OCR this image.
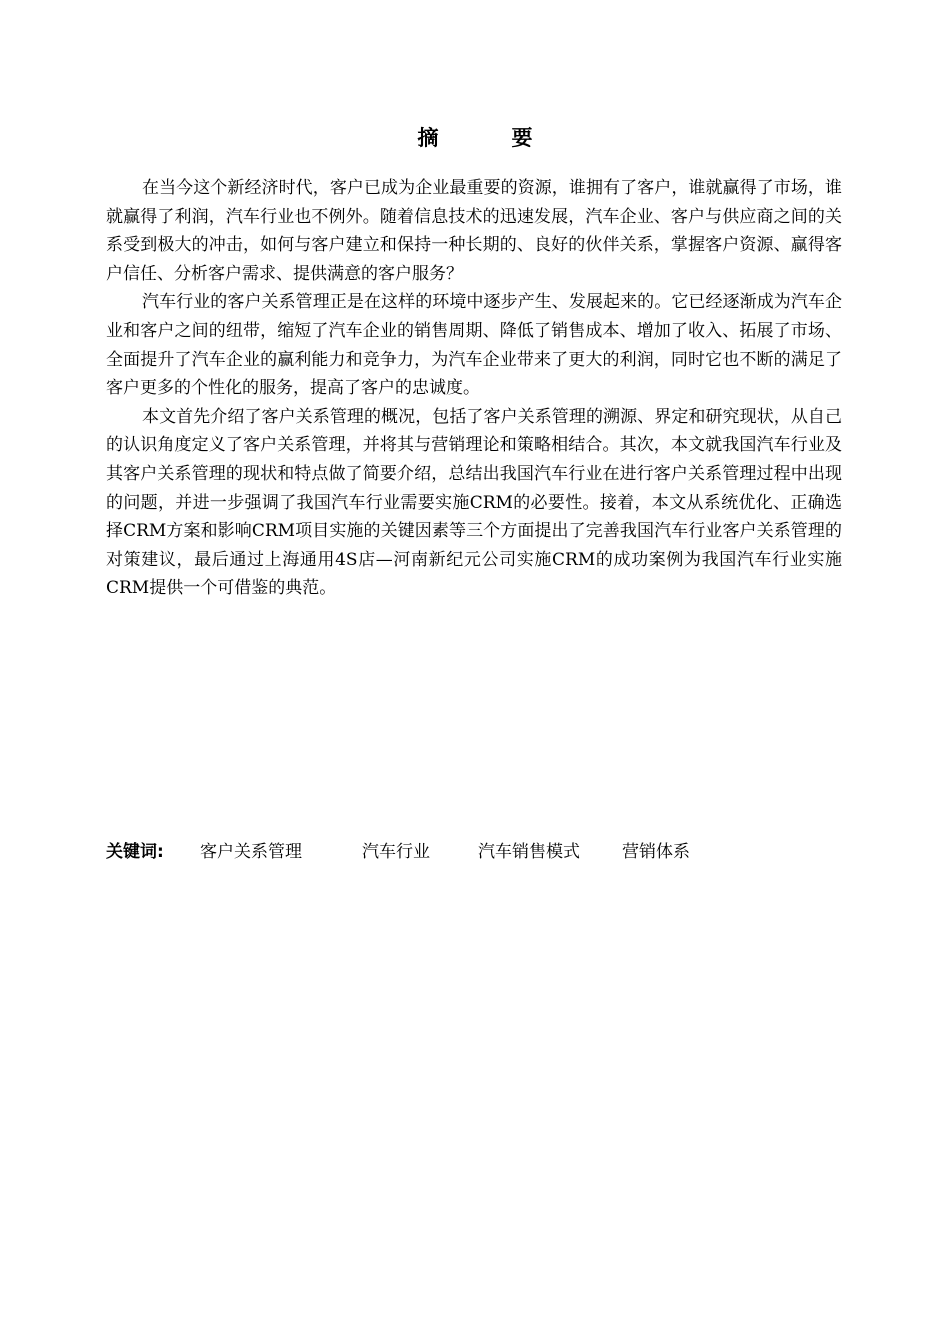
摘　要

在当今这个新经济时代，客户已成为企业最重要的资源，谁拥有了客户，谁就赢得了市场，谁就赢得了利润，汽车行业也不例外。随着信息技术的迅速发展，汽车企业、客户与供应商之间的关系受到极大的冲击，如何与客户建立和保持一种长期的、良好的伙伴关系，掌握客户资源、赢得客户信任、分析客户需求、提供满意的客户服务？

汽车行业的客户关系管理正是在这样的环境中逐步产生、发展起来的。它已经逐渐成为汽车企业和客户之间的纽带，缩短了汽车企业的销售周期、降低了销售成本、增加了收入、拓展了市场、全面提升了汽车企业的赢利能力和竞争力，为汽车企业带来了更大的利润，同时它也不断的满足了客户更多的个性化的服务，提高了客户的忠诚度。

本文首先介绍了客户关系管理的概况，包括了客户关系管理的溯源、界定和研究现状，从自己的认识角度定义了客户关系管理，并将其与营销理论和策略相结合。其次，本文就我国汽车行业及其客户关系管理的现状和特点做了简要介绍，总结出我国汽车行业在进行客户关系管理过程中出现的问题，并进一步强调了我国汽车行业需要实施CRM的必要性。接着，本文从系统优化、正确选择CRM方案和影响CRM项目实施的关键因素等三个方面提出了完善我国汽车行业客户关系管理的对策建议，最后通过上海通用4S店—河南新纪元公司实施CRM的成功案例为我国汽车行业实施CRM提供一个可借鉴的典范。

关键词: 客户关系管理	汽车行业	汽车销售模式 营销体系
